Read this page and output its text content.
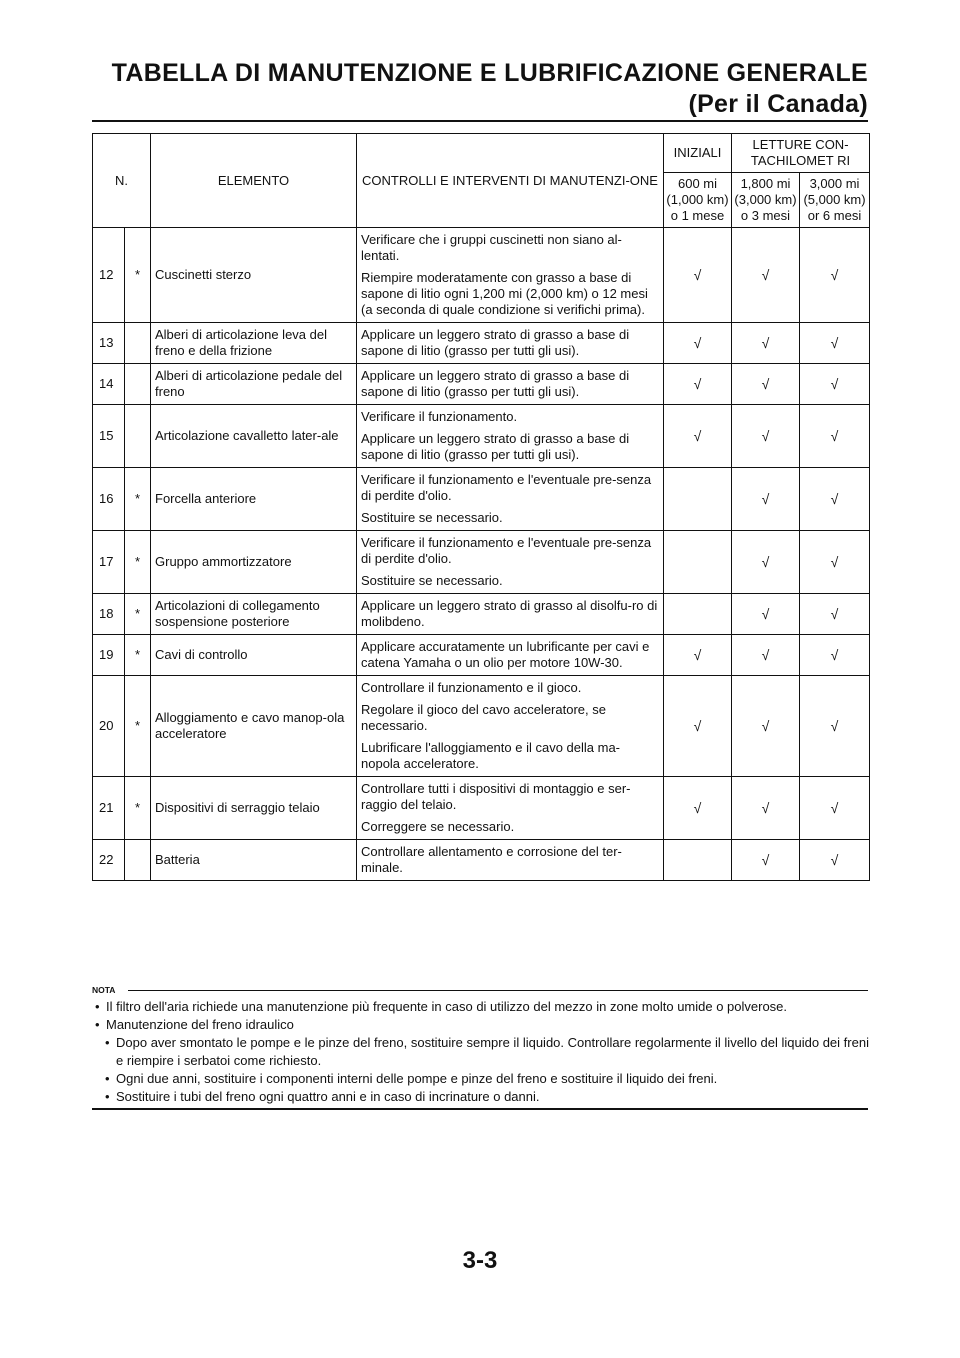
TABELLA DI MANUTENZIONE E LUBRIFICAZIONE GENERALE
(Per il Canada)
N.		ELEMENTO	CONTROLLI E INTERVENTI DI MANUTENZI-ONE	INIZIALI	LETTURE CON-TACHILOMET RI	
				600 mi (1,000 km) o 1 mese	1,800 mi (3,000 km) o 3 mesi	3,000 mi (5,000 km) or 6 mesi
12	*	Cuscinetti sterzo	Verificare che i gruppi cuscinetti non siano al-lentati.

Riempire moderatamente con grasso a base di sapone di litio ogni 1,200 mi (2,000 km) o 12 mesi (a seconda di quale condizione si verifichi prima).	√	√	√
13		Alberi di articolazione leva del freno e della frizione	Applicare un leggero strato di grasso a base di sapone di litio (grasso per tutti gli usi).	√	√	√
14		Alberi di articolazione pedale del freno	Applicare un leggero strato di grasso a base di sapone di litio (grasso per tutti gli usi).	√	√	√
15		Articolazione cavalletto later-ale	Verificare il funzionamento.

Applicare un leggero strato di grasso a base di sapone di litio (grasso per tutti gli usi).	√	√	√
16	*	Forcella anteriore	Verificare il funzionamento e l'eventuale pre-senza di perdite d'olio.

Sostituire se necessario.		√	√
17	*	Gruppo ammortizzatore	Verificare il funzionamento e l'eventuale pre-senza di perdite d'olio.

Sostituire se necessario.		√	√
18	*	Articolazioni di collegamento sospensione posteriore	Applicare un leggero strato di grasso al disolfu-ro di molibdeno.		√	√
19	*	Cavi di controllo	Applicare accuratamente un lubrificante per cavi e catena Yamaha o un olio per motore 10W-30.	√	√	√
20	*	Alloggiamento e cavo manop-ola acceleratore	Controllare il funzionamento e il gioco.

Regolare il gioco del cavo acceleratore, se necessario.

Lubrificare l'alloggiamento e il cavo della ma-nopola acceleratore.	√	√	√
21	*	Dispositivi di serraggio telaio	Controllare tutti i dispositivi di montaggio e ser-raggio del telaio.

Correggere se necessario.	√	√	√
22		Batteria	Controllare allentamento e corrosione del ter-minale.		√	√
NOTA
• Il filtro dell'aria richiede una manutenzione più frequente in caso di utilizzo del mezzo in zone molto umide o polverose.
• Manutenzione del freno idraulico
• Dopo aver smontato le pompe e le pinze del freno, sostituire sempre il liquido. Controllare regolarmente il livello del liquido dei freni e riempire i serbatoi come richiesto.
• Ogni due anni, sostituire i componenti interni delle pompe e pinze del freno e sostituire il liquido dei freni.
• Sostituire i tubi del freno ogni quattro anni e in caso di incrinature o danni.
3-3
